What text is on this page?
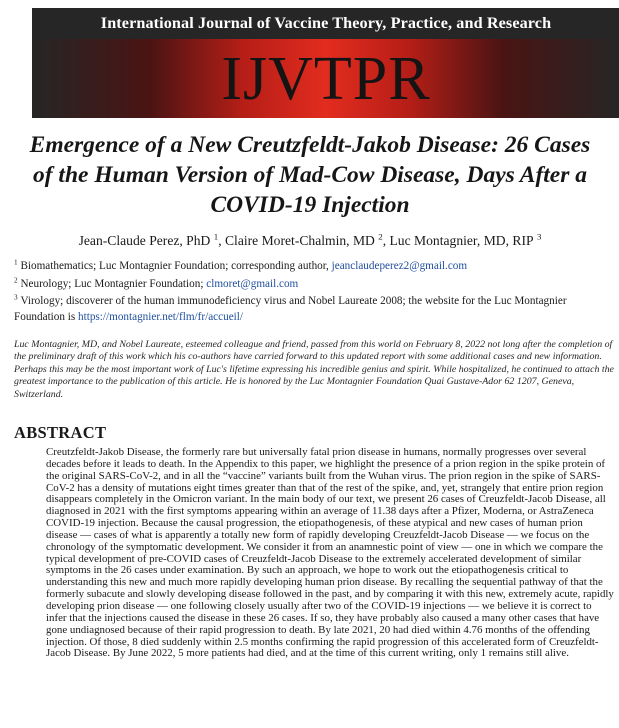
International Journal of Vaccine Theory, Practice, and Research
IJVTPR
Emergence of a New Creutzfeldt-Jakob Disease: 26 Cases of the Human Version of Mad-Cow Disease, Days After a COVID-19 Injection
Jean-Claude Perez, PhD $^1$, Claire Moret-Chalmin, MD $^2$, Luc Montagnier, MD, RIP $^3$

$^1$ Biomathematics; Luc Montagnier Foundation; corresponding author, jeanclaudeperez2@gmail.com

$^2$ Neurology; Luc Montagnier Foundation; clmoret@gmail.com

$^3$ Virology; discoverer of the human immunodeficiency virus and Nobel Laureate 2008; the website for the Luc Montagnier Foundation is https://montagnier.net/flm/fr/accueil/

Luc Montagnier, MD, and Nobel Laureate, esteemed colleague and friend, passed from this world on February 8, 2022 not long after the completion of the preliminary draft of this work which his co-authors have carried forward to this updated report with some additional cases and new information. Perhaps this may be the most important work of Luc's lifetime expressing his incredible genius and spirit. While hospitalized, he continued to attach the greatest importance to the publication of this article. He is honored by the Luc Montagnier Foundation Quai Gustave-Ador 62 1207, Geneva, Switzerland.

ABSTRACT

Creutzfeldt-Jakob Disease, the formerly rare but universally fatal prion disease in humans, normally progresses over several decades before it leads to death. In the Appendix to this paper, we highlight the presence of a prion region in the spike protein of the original SARS-CoV-2, and in all the “vaccine” variants built from the Wuhan virus. The prion region in the spike of SARS-CoV-2 has a density of mutations eight times greater than that of the rest of the spike, and, yet, strangely that entire prion region disappears completely in the Omicron variant. In the main body of our text, we present 26 cases of Creuzfeldt-Jacob Disease, all diagnosed in 2021 with the first symptoms appearing within an average of 11.38 days after a Pfizer, Moderna, or AstraZeneca COVID-19 injection. Because the causal progression, the etiopathogenesis, of these atypical and new cases of human prion disease — cases of what is apparently a totally new form of rapidly developing Creuzfeldt-Jacob Disease — we focus on the chronology of the symptomatic development. We consider it from an anamnestic point of view — one in which we compare the typical development of pre-COVID cases of Creuzfeldt-Jacob Disease to the extremely accelerated development of similar symptoms in the 26 cases under examination. By such an approach, we hope to work out the etiopathogenesis critical to understanding this new and much more rapidly developing human prion disease. By recalling the sequential pathway of that the formerly subacute and slowly developing disease followed in the past, and by comparing it with this new, extremely acute, rapidly developing prion disease — one following closely usually after two of the COVID-19 injections — we believe it is correct to infer that the injections caused the disease in these 26 cases. If so, they have probably also caused a many other cases that have gone undiagnosed because of their rapid progression to death. By late 2021, 20 had died within 4.76 months of the offending injection. Of those, 8 died suddenly within 2.5 months confirming the rapid progression of this accelerated form of Creuzfeldt-Jacob Disease. By June 2022, 5 more patients had died, and at the time of this current writing, only 1 remains still alive.
